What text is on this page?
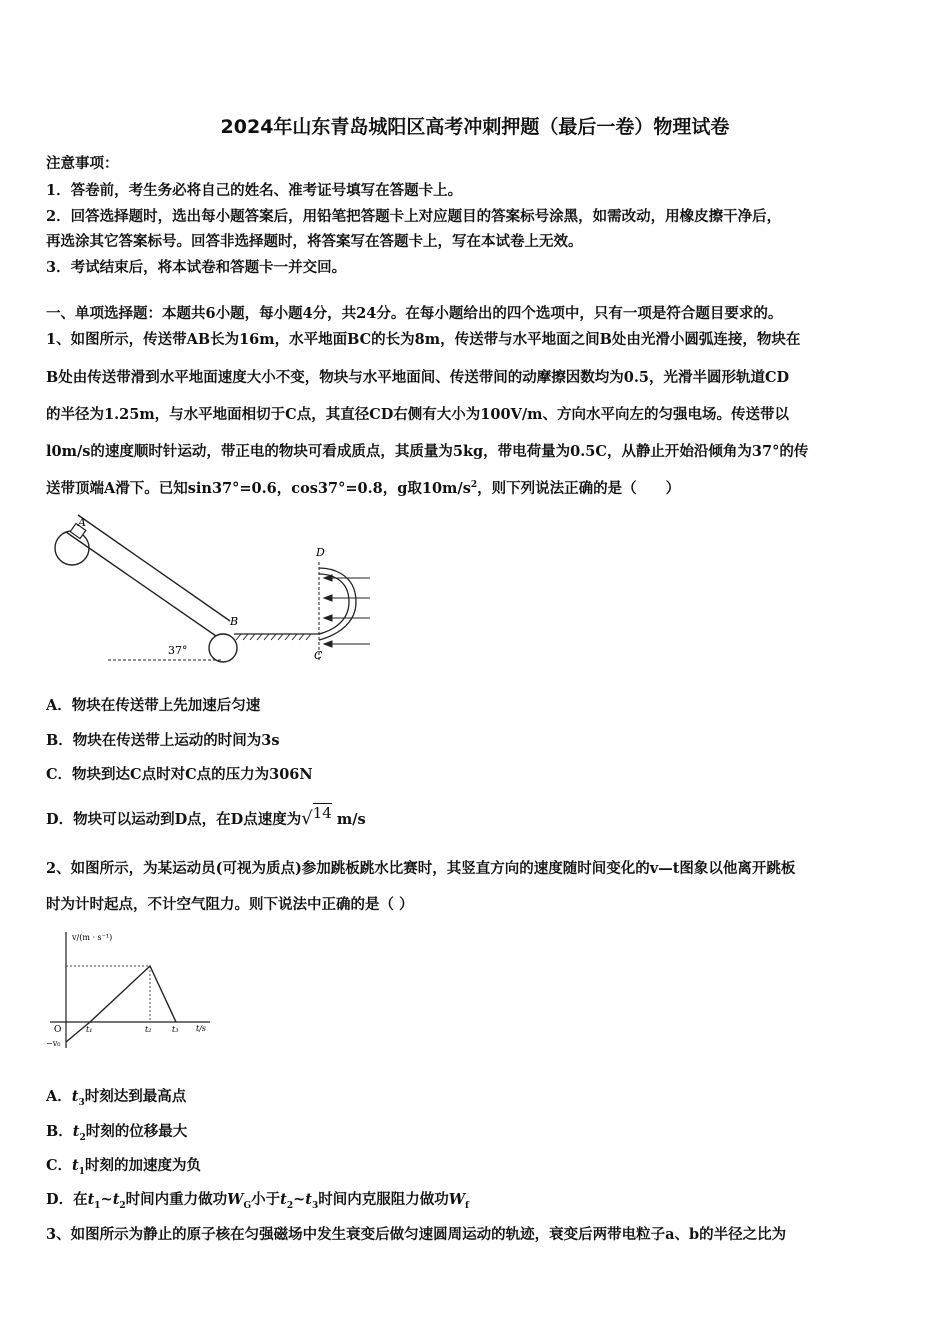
2024年山东青岛城阳区高考冲刺押题（最后一卷）物理试卷
注意事项：
1．答卷前，考生务必将自己的姓名、准考证号填写在答题卡上。
2．回答选择题时，选出每小题答案后，用铅笔把答题卡上对应题目的答案标号涂黑，如需改动，用橡皮擦干净后，
再选涂其它答案标号。回答非选择题时，将答案写在答题卡上，写在本试卷上无效。
3．考试结束后，将本试卷和答题卡一并交回。
一、单项选择题：本题共6小题，每小题4分，共24分。在每小题给出的四个选项中，只有一项是符合题目要求的。
1、如图所示，传送带AB长为16m，水平地面BC的长为8m，传送带与水平地面之间B处由光滑小圆弧连接，物块在
B处由传送带滑到水平地面速度大小不变，物块与水平地面间、传送带间的动摩擦因数均为0.5，光滑半圆形轨道CD
的半径为1.25m，与水平地面相切于C点，其直径CD右侧有大小为100V/m、方向水平向左的匀强电场。传送带以
l0m/s的速度顺时针运动，带正电的物块可看成质点，其质量为5kg，带电荷量为0.5C，从静止开始沿倾角为37°的传
送带顶端A滑下。已知sin37°=0.6，cos37°=0.8，g取$10m/s^2$，则下列说法正确的是（　　）
A
37°
B
D
C
A．物块在传送带上先加速后匀速
B．物块在传送带上运动的时间为3s
C．物块到达C点时对C点的压力为306N
D．物块可以运动到D点，在D点速度为√14 m/s
2、如图所示，为某运动员(可视为质点)参加跳板跳水比赛时，其竖直方向的速度随时间变化的v—t图象以他离开跳板
时为计时起点，不计空气阻力。则下说法中正确的是（ ）
v/(m · s⁻¹)
t/s
O
−v₀
t₁	t₂	t₃
A．$t_3$时刻达到最高点
B．$t_2$时刻的位移最大
C．$t_1$时刻的加速度为负
D．在$t_1\sim t_2$时间内重力做功$W_G$小于$t_2\sim t_3$时间内克服阻力做功$W_f$
3、如图所示为静止的原子核在匀强磁场中发生衰变后做匀速圆周运动的轨迹，衰变后两带电粒子a、b的半径之比为
